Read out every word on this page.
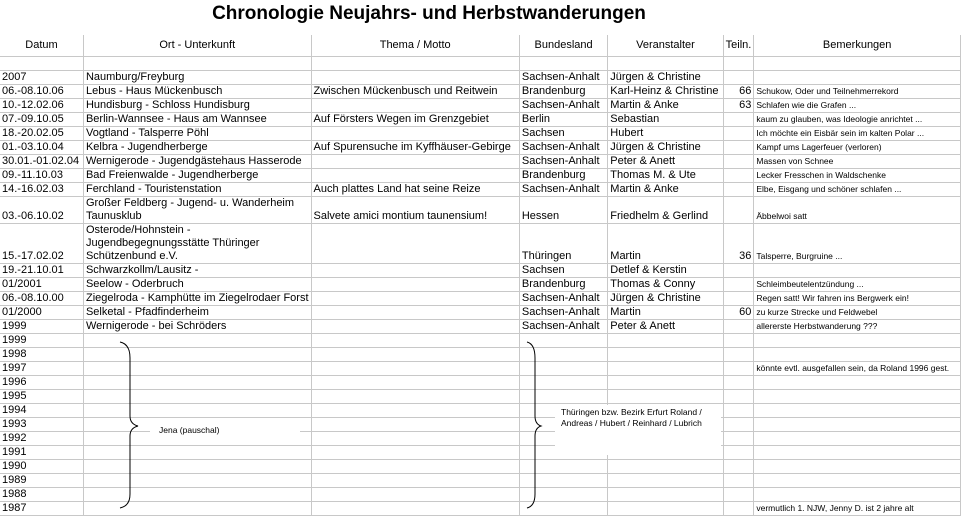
Chronologie Neujahrs- und Herbstwanderungen
Datum	Ort - Unterkunft	Thema / Motto	Bundesland	Veranstalter	Teiln.	Bemerkungen

2007	Naumburg/Freyburg		Sachsen-Anhalt	Jürgen & Christine		
06.-08.10.06	Lebus - Haus Mückenbusch	Zwischen Mückenbusch und Reitwein	Brandenburg	Karl-Heinz & Christine	66	Schukow, Oder und Teilnehmerrekord
10.-12.02.06	Hundisburg - Schloss Hundisburg		Sachsen-Anhalt	Martin & Anke	63	Schlafen wie die Grafen ...
07.-09.10.05	Berlin-Wannsee - Haus am Wannsee	Auf Försters Wegen im Grenzgebiet	Berlin	Sebastian		kaum zu glauben, was Ideologie anrichtet ...
18.-20.02.05	Vogtland - Talsperre Pöhl		Sachsen	Hubert		Ich möchte ein Eisbär sein im kalten Polar ...
01.-03.10.04	Kelbra - Jugendherberge	Auf Spurensuche im Kyffhäuser-Gebirge	Sachsen-Anhalt	Jürgen & Christine		Kampf ums Lagerfeuer (verloren)
30.01.-01.02.04	Wernigerode - Jugendgästehaus Hasserode		Sachsen-Anhalt	Peter & Anett		Massen von Schnee
09.-11.10.03	Bad Freienwalde - Jugendherberge		Brandenburg	Thomas M. & Ute		Lecker Fresschen in Waldschenke
14.-16.02.03	Ferchland - Touristenstation	Auch plattes Land hat seine Reize	Sachsen-Anhalt	Martin & Anke		Elbe, Eisgang und schöner schlafen ...
03.-06.10.02	Großer Feldberg - Jugend- u. Wanderheim Taunusklub	Salvete amici montium taunensium!	Hessen	Friedhelm & Gerlind		Äbbelwoi satt
15.-17.02.02	Osterode/Hohnstein - Jugendbegegnungsstätte Thüringer Schützenbund e.V.		Thüringen	Martin	36	Talsperre, Burgruine ...
19.-21.10.01	Schwarzkollm/Lausitz -		Sachsen	Detlef & Kerstin		
01/2001	Seelow - Oderbruch		Brandenburg	Thomas & Conny		Schleimbeutelentzündung ...
06.-08.10.00	Ziegelroda - Kamphütte im Ziegelrodaer Forst		Sachsen-Anhalt	Jürgen & Christine		Regen satt! Wir fahren ins Bergwerk ein!
01/2000	Selketal - Pfadfinderheim		Sachsen-Anhalt	Martin	60	zu kurze Strecke und Feldwebel
1999	Wernigerode - bei Schröders		Sachsen-Anhalt	Peter & Anett		allererste Herbstwanderung ???
1999						
1998						
1997						könnte evtl. ausgefallen sein, da Roland 1996 gest.
1996						
1995						
1994						
1993						
1992						
1991						
1990						
1989						
1988						
1987						vermutlich 1. NJW, Jenny D. ist 2 jahre alt
Jena (pauschal)
Thüringen bzw. Bezirk Erfurt Roland / Andreas / Hubert / Reinhard / Lubrich
